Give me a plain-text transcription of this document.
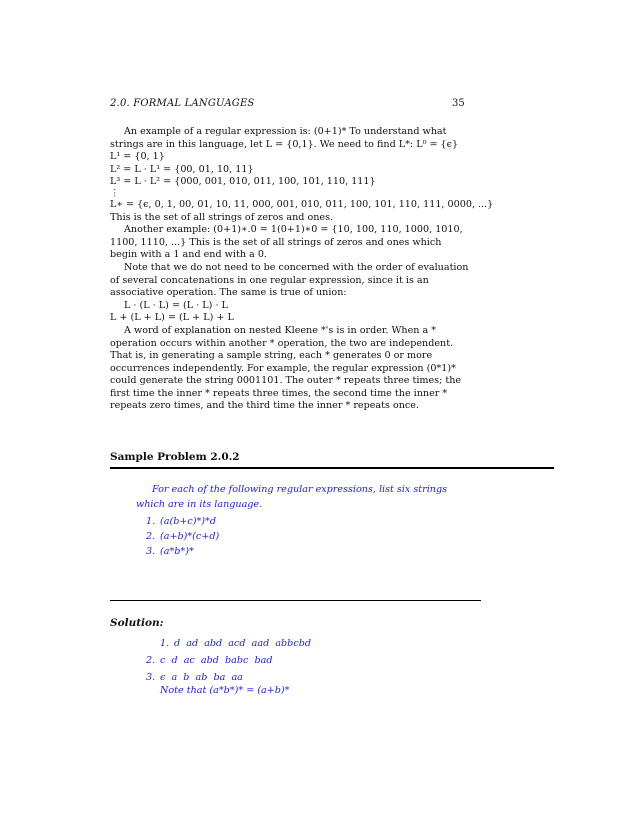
2.0. FORMAL LANGUAGES	35

An example of a regular expression is: (0+1)* To understand what strings are in this language, let L = {0,1}. We need to find L*: L⁰ = {ϵ}

L¹ = {0, 1}

L² = L · L¹ = {00, 01, 10, 11}

L³ = L · L² = {000, 001, 010, 011, 100, 101, 110, 111}

⋮

L∗ = {ϵ, 0, 1, 00, 01, 10, 11, 000, 001, 010, 011, 100, 101, 110, 111, 0000, ...}

This is the set of all strings of zeros and ones.

Another example: (0+1)∗.0 = 1(0+1)∗0 = {10, 100, 110, 1000, 1010, 1100, 1110, ...} This is the set of all strings of zeros and ones which begin with a 1 and end with a 0.

Note that we do not need to be concerned with the order of evaluation of several concatenations in one regular expression, since it is an associative operation. The same is true of union:

L · (L · L) = (L · L) · L

L + (L + L) = (L + L) + L

A word of explanation on nested Kleene *'s is in order. When a * operation occurs within another * operation, the two are independent. That is, in generating a sample string, each * generates 0 or more occurrences independently. For example, the regular expression (0*1)* could generate the string 0001101. The outer * repeats three times; the first time the inner * repeats three times, the second time the inner * repeats zero times, and the third time the inner * repeats once.

Sample Problem 2.0.2

For each of the following regular expressions, list six strings which are in its language.

1. (a(b+c)*)*d
2. (a+b)*(c+d)
3. (a*b*)*
Solution:
1. d  ad  abd  acd  aad  abbcbd
2. c  d  ac  abd  babc  bad
3. ϵ  a  b  ab  ba  aa
Note that (a*b*)* = (a+b)*
